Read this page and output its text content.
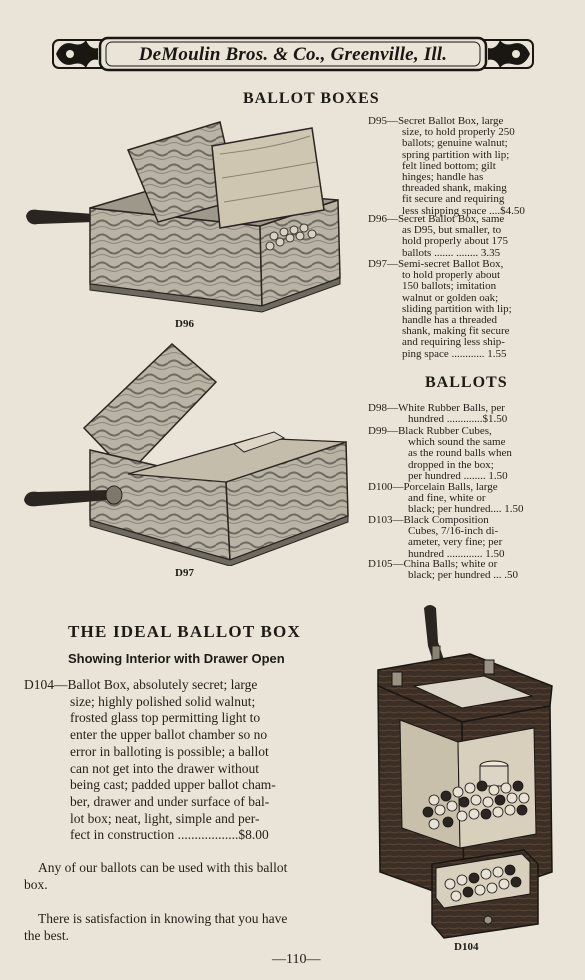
DeMoulin Bros. & Co., Greenville, Ill.
BALLOT BOXES
D96
D97
D95—Secret Ballot Box, large
size, to hold properly 250
ballots; genuine walnut;
spring partition with lip;
felt lined bottom; gilt
hinges; handle has
threaded shank, making
fit secure and requiring
less shipping space ....$4.50
D96—Secret Ballot Box, same
as D95, but smaller, to
hold properly about 175
ballots ....... ........ 3.35
D97—Semi-secret Ballot Box,
to hold properly about
150 ballots; imitation
walnut or golden oak;
sliding partition with lip;
handle has a threaded
shank, making fit secure
and requiring less ship-
ping space ............ 1.55
BALLOTS
D98—White Rubber Balls, per
hundred .............$1.50
D99—Black Rubber Cubes,
which sound the same
as the round balls when
dropped in the box;
per hundred ........ 1.50
D100—Porcelain Balls, large
and fine, white or
black; per hundred.... 1.50
D103—Black Composition
Cubes, 7/16-inch di-
ameter, very fine; per
hundred ............. 1.50
D105—China Balls; white or
black; per hundred ... .50
THE IDEAL BALLOT BOX
Showing Interior with Drawer Open
D104—Ballot Box, absolutely secret; large
size; highly polished solid walnut;
frosted glass top permitting light to
enter the upper ballot chamber so no
error in balloting is possible; a ballot
can not get into the drawer without
being cast; padded upper ballot cham-
ber, drawer and under surface of bal-
lot box; neat, light, simple and per-
fect in construction ..................$8.00
Any of our ballots can be used with this ballot
box.
There is satisfaction in knowing that you have
the best.
D104
—110—
